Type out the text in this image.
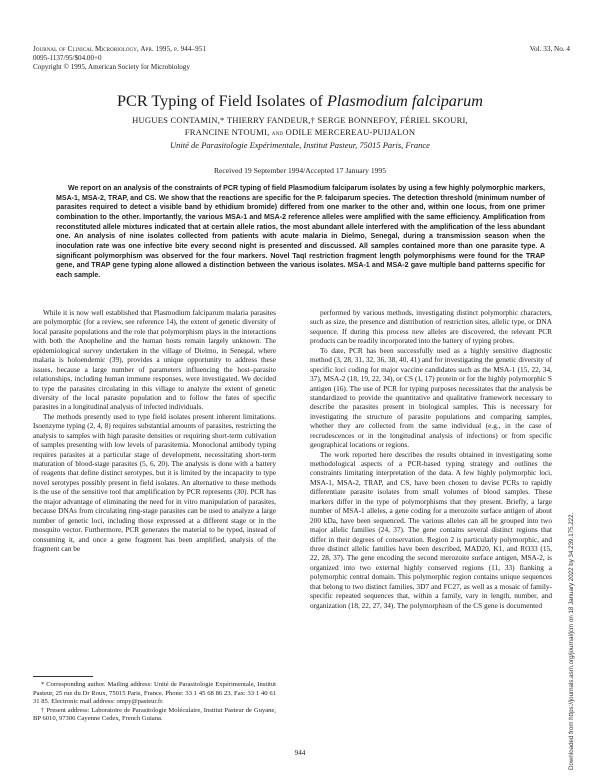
Journal of Clinical Microbiology, Apr. 1995, p. 944–951
0095-1137/95/$04.00+0
Copyright © 1995, American Society for Microbiology
Vol. 33, No. 4
PCR Typing of Field Isolates of Plasmodium falciparum
HUGUES CONTAMIN,* THIERRY FANDEUR,† SERGE BONNEFOY, FÉRIEL SKOURI,
FRANCINE NTOUMI, and ODILE MERCEREAU-PUIJALON
Unité de Parasitologie Expérimentale, Institut Pasteur, 75015 Paris, France
Received 19 September 1994/Accepted 17 January 1995

We report on an analysis of the constraints of PCR typing of field Plasmodium falciparum isolates by using a few highly polymorphic markers, MSA-1, MSA-2, TRAP, and CS. We show that the reactions are specific for the P. falciparum species. The detection threshold (minimum number of parasites required to detect a visible band by ethidium bromide) differed from one marker to the other and, within one locus, from one primer combination to the other. Importantly, the various MSA-1 and MSA-2 reference alleles were amplified with the same efficiency. Amplification from reconstituted allele mixtures indicated that at certain allele ratios, the most abundant allele interfered with the amplification of the less abundant one. An analysis of nine isolates collected from patients with acute malaria in Dielmo, Senegal, during a transmission season when the inoculation rate was one infective bite every second night is presented and discussed. All samples contained more than one parasite type. A significant polymorphism was observed for the four markers. Novel TaqI restriction fragment length polymorphisms were found for the TRAP gene, and TRAP gene typing alone allowed a distinction between the various isolates. MSA-1 and MSA-2 gave multiple band patterns specific for each sample.

While it is now well established that Plasmodium falciparum malaria parasites are polymorphic (for a review, see reference 14), the extent of genetic diversity of local parasite populations and the role that polymorphism plays in the interactions with both the Anopheline and the human hosts remain largely unknown. The epidemiological survey undertaken in the village of Dielmo, in Senegal, where malaria is holoendemic (39), provides a unique opportunity to address these issues, because a large number of parameters influencing the host–parasite relationships, including human immune responses, were investigated. We decided to type the parasites circulating in this village to analyze the extent of genetic diversity of the local parasite population and to follow the fates of specific parasites in a longitudinal analysis of infected individuals.

The methods presently used to type field isolates present inherent limitations. Isoenzyme typing (2, 4, 8) requires substantial amounts of parasites, restricting the analysis to samples with high parasite densities or requiring short-term cultivation of samples presenting with low levels of parasitemia. Monoclonal antibody typing requires parasites at a particular stage of development, necessitating short-term maturation of blood-stage parasites (5, 6, 20). The analysis is done with a battery of reagents that define distinct serotypes, but it is limited by the incapacity to type novel serotypes possibly present in field isolates. An alternative to these methods is the use of the sensitive tool that amplification by PCR represents (30). PCR has the major advantage of eliminating the need for in vitro manipulation of parasites, because DNAs from circulating ring-stage parasites can be used to analyze a large number of genetic loci, including those expressed at a different stage or in the mosquito vector. Furthermore, PCR generates the material to be typed, instead of consuming it, and once a gene fragment has been amplified, analysis of the fragment can be

performed by various methods, investigating distinct polymorphic characters, such as size, the presence and distribution of restriction sites, allelic type, or DNA sequence. If during this process new alleles are discovered, the relevant PCR products can be readily incorporated into the battery of typing probes.

To date, PCR has been successfully used as a highly sensitive diagnostic method (3, 28, 31, 32, 36, 38, 40, 41) and for investigating the genetic diversity of specific loci coding for major vaccine candidates such as the MSA-1 (15, 22, 34, 37), MSA-2 (18, 19, 22, 34), or CS (1, 17) protein or for the highly polymorphic S antigen (16). The use of PCR for typing purposes necessitates that the analysis be standardized to provide the quantitative and qualitative framework necessary to describe the parasites present in biological samples. This is necessary for investigating the structure of parasite populations and comparing samples, whether they are collected from the same individual (e.g., in the case of recrudescences or in the longitudinal analysis of infections) or from specific geographical locations or regions.

The work reported here describes the results obtained in investigating some methodological aspects of a PCR-based typing strategy and outlines the constraints limitating interpretation of the data. A few highly polymorphic loci, MSA-1, MSA-2, TRAP, and CS, have been chosen to devise PCRs to rapidly differentiate parasite isolates from small volumes of blood samples. These markers differ in the type of polymorphisms that they present. Briefly, a large number of MSA-1 alleles, a gene coding for a merozoite surface antigen of about 200 kDa, have been sequenced. The various alleles can all be grouped into two major allelic families (24, 37). The gene contains several distinct regions that differ in their degrees of conservation. Region 2 is particularly polymorphic, and three distinct allelic families have been described, MAD20, K1, and RO33 (15, 22, 28, 37). The gene encoding the second merozoite surface antigen, MSA-2, is organized into two external highly conserved regions (11, 33) flanking a polymorphic central domain. This polymorphic region contains unique sequences that belong to two distinct families, 3D7 and FC27, as well as a mosaic of family-specific repeated sequences that, within a family, vary in length, number, and organization (18, 22, 27, 34). The polymorphism of the CS gene is documented

* Corresponding author. Mailing address: Unité de Parasitologie Expérimentale, Institut Pasteur, 25 rue du Dr Roux, 75015 Paris, France. Phone: 33 1 45 68 86 23. Fax: 33 1 40 61 31 85. Electronic mail address: ompy@pasteur.fr.

† Present address: Laboratoire de Parasitologie Moléculaire, Institut Pasteur de Guyane, BP 6010, 97306 Cayenne Cedex, French Guiana.

944	Downloaded from https://journals.asm.org/journal/jcm on 18 January 2022 by 34.239.175.222.
